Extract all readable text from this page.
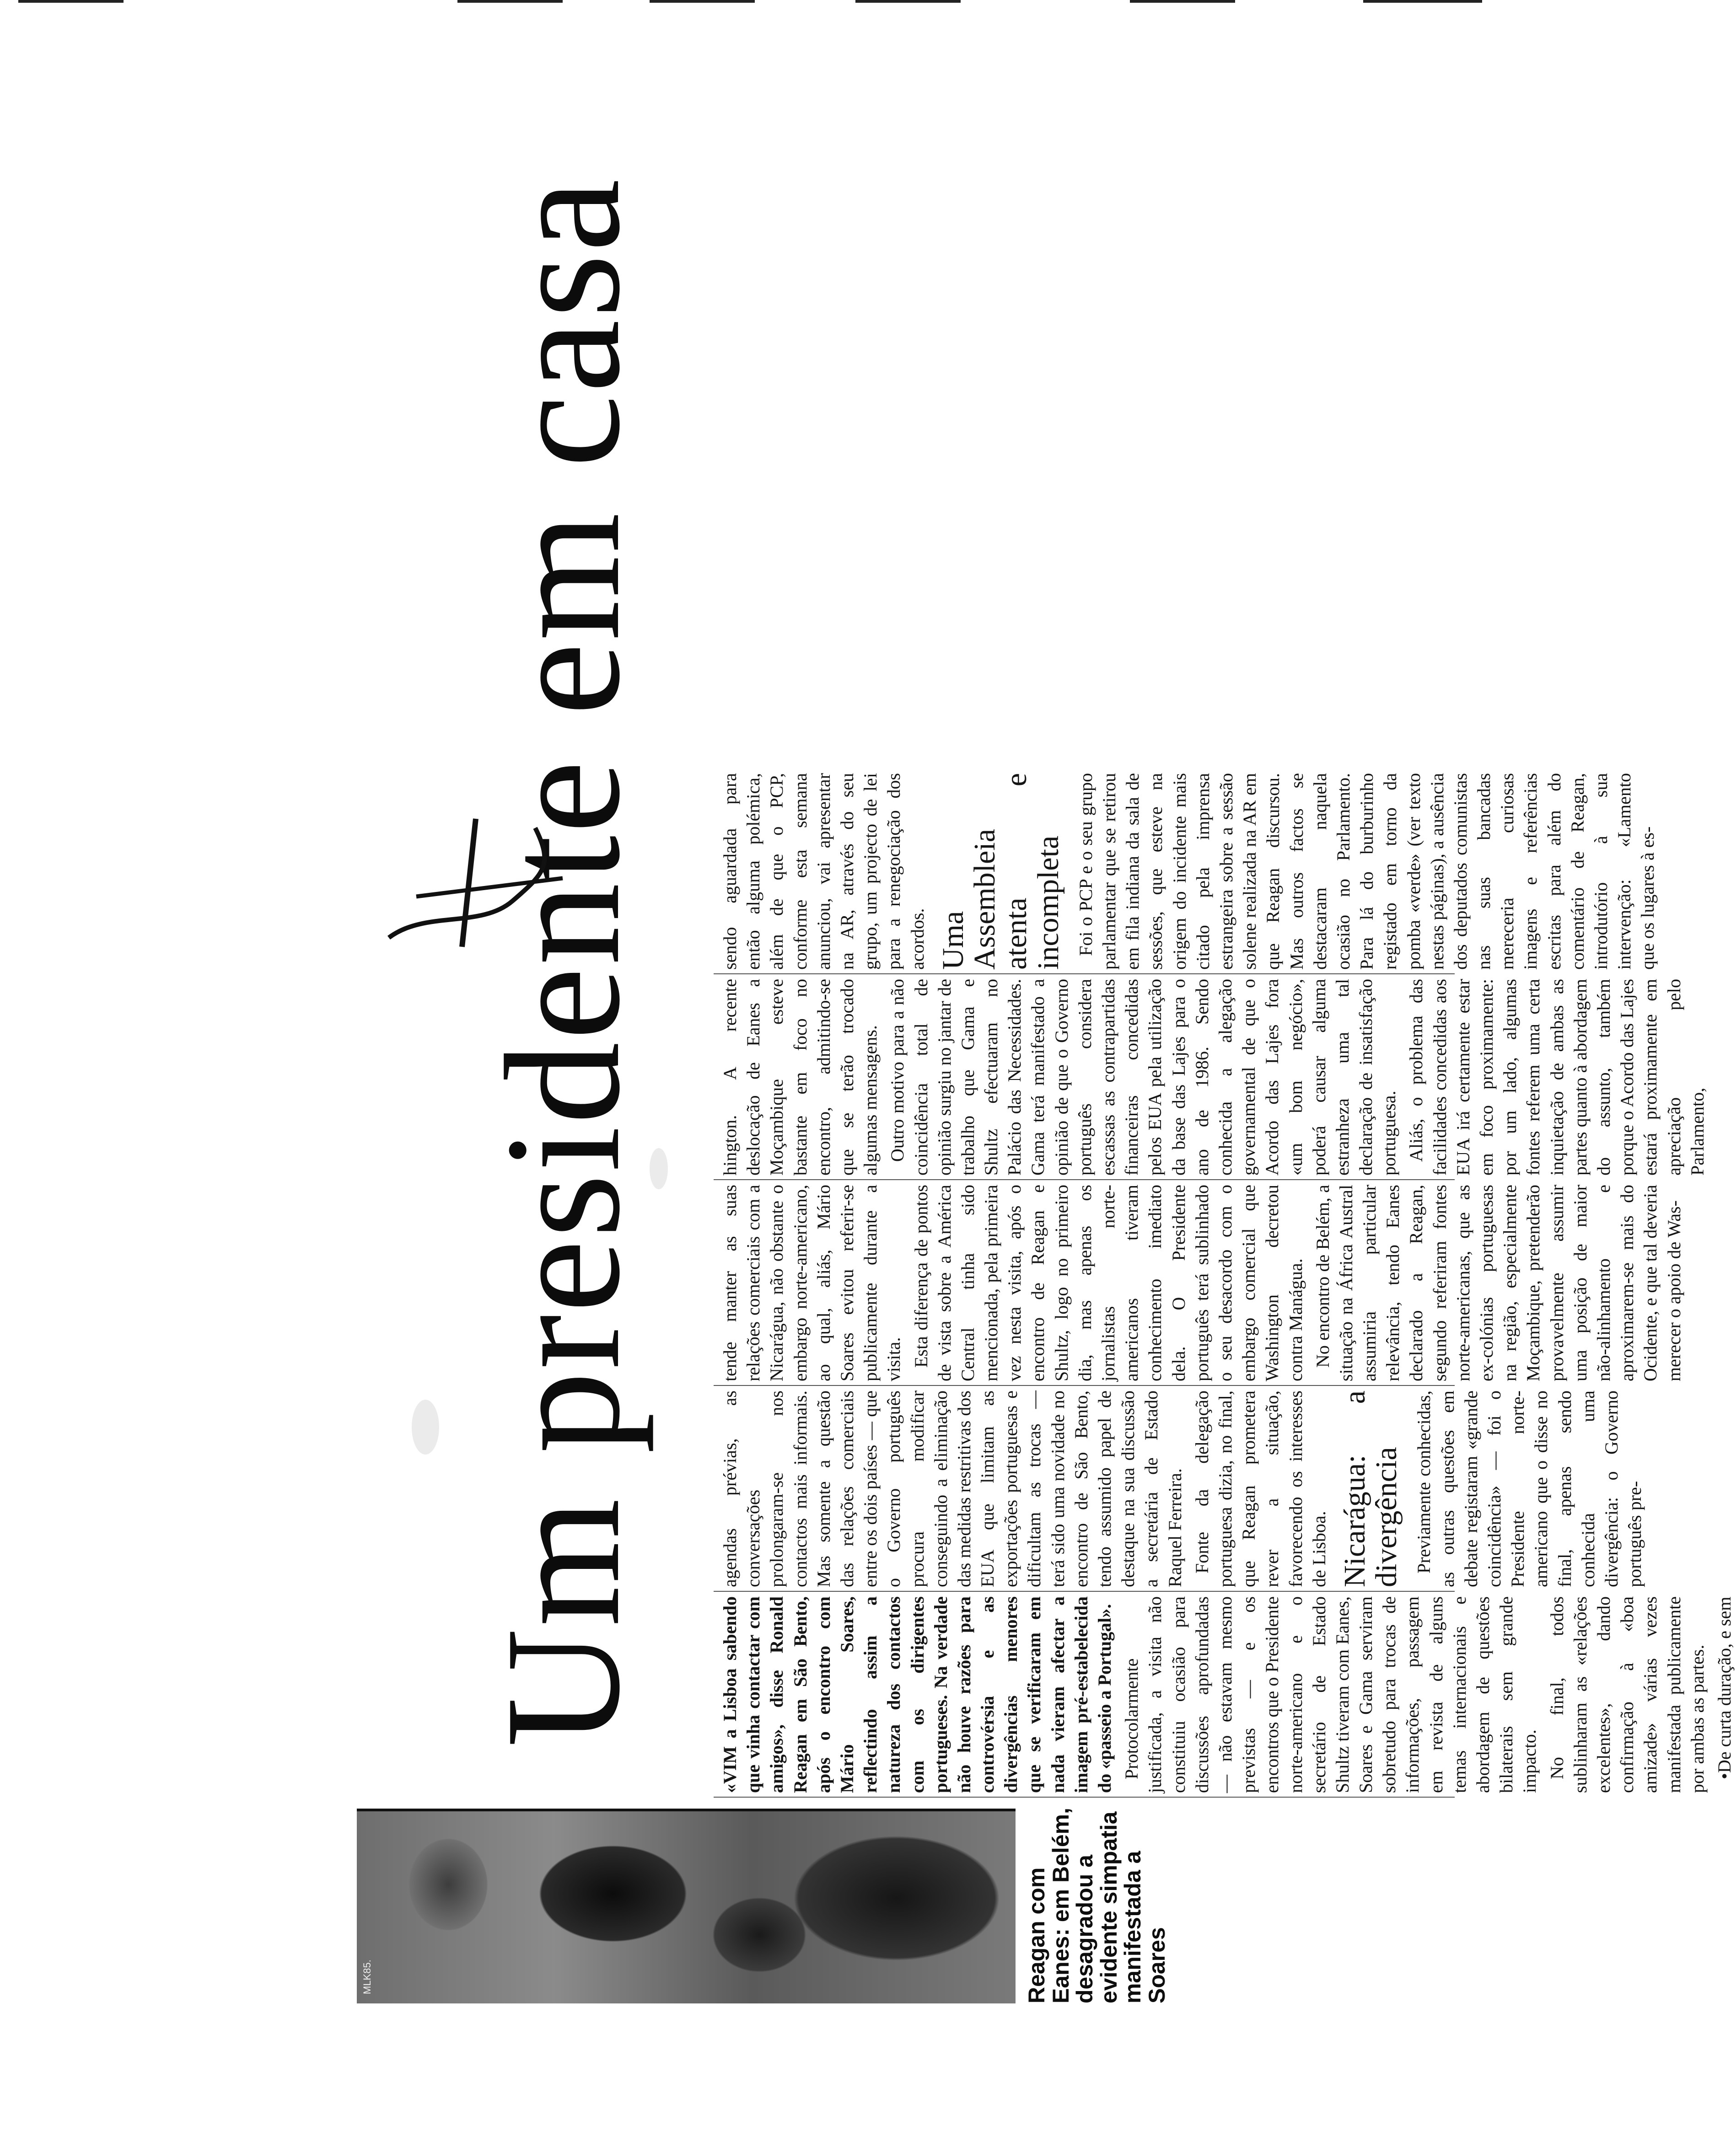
MLK85.	Reagan com Eanes: em Belém, desagradou a evidente simpatia manifestada a Soares
Um presidente em casa	«VIM a Lisboa sabendo que vinha contactar com amigos», disse Ronald Reagan em São Bento, após o encontro com Mário Soares, reflectindo assim a natureza dos contactos com os dirigentes portugueses. Na verdade não houve razões para controvérsia e as divergências menores que se verificaram em nada vieram afectar a imagem pré-estabelecida do «passeio a Portugal». Protocolarmente justificada, a visita não constituiu ocasião para discussões aprofundadas — não estavam mesmo previstas — e os encontros que o Presidente norte-americano e o secretário de Estado Shultz tiveram com Eanes, Soares e Gama serviram sobretudo para trocas de informações, passagem em revista de alguns temas internacionais e abordagem de questões bilaterais sem grande impacto. No final, todos sublinharam as «relações excelentes», dando confirmação à «boa amizade» várias vezes manifestada publicamente por ambas as partes. •De curta duração, e sem

agendas prévias, as conversações prolongaram-se nos contactos mais informais. Mas somente a questão das relações comerciais entre os dois países — que o Governo português procura modificar conseguindo a eliminação das medidas restritivas dos EUA que limitam as exportações portuguesas e dificultam as trocas — terá sido uma novidade no encontro de São Bento, tendo assumido papel de destaque na sua discussão a secretária de Estado Raquel Ferreira. Fonte da delegação portuguesa dizia, no final, que Reagan prometera rever a situação, favorecendo os interesses de Lisboa. Nicarágua: a divergência Previamente conhecidas, as outras questões em debate registaram «grande coincidência» — foi o Presidente norte-americano que o disse no final, apenas sendo conhecida uma divergência: o Governo português pre-

tende manter as suas relações comerciais com a Nicarágua, não obstante o embargo norte-americano, ao qual, aliás, Mário Soares evitou referir-se publicamente durante a visita. Esta diferença de pontos de vista sobre a América Central tinha sido mencionada, pela primeira vez nesta visita, após o encontro de Reagan e Shultz, logo no primeiro dia, mas apenas os jornalistas norte-americanos tiveram conhecimento imediato dela. O Presidente português terá sublinhado o seu desacordo com o embargo comercial que Washington decretou contra Manágua. No encontro de Belém, a situação na África Austral assumiria particular relevância, tendo Eanes declarado a Reagan, segundo referiram fontes norte-americanas, que as ex-colónias portuguesas na região, especialmente Moçambique, pretenderão provavelmente assumir uma posição de maior não-alinhamento e aproximarem-se mais do Ocidente, e que tal deveria merecer o apoio de Was-

hington. A recente deslocação de Eanes a Moçambique esteve bastante em foco no encontro, admitindo-se que se terão trocado algumas mensagens. Outro motivo para a não coincidência total de opinião surgiu no jantar de trabalho que Gama e Shultz efectuaram no Palácio das Necessidades. Gama terá manifestado a opinião de que o Governo português considera escassas as contrapartidas financeiras concedidas pelos EUA pela utilização da base das Lajes para o ano de 1986. Sendo conhecida a alegação governamental de que o Acordo das Lajes fora «um bom negócio», poderá causar alguma estranheza uma tal declaração de insatisfação portuguesa. Aliás, o problema das facilidades concedidas aos EUA irá certamente estar em foco proximamente: por um lado, algumas fontes referem uma certa inquietação de ambas as partes quanto à abordagem do assunto, também porque o Acordo das Lajes estará proximamente em apreciação pelo Parlamento,

sendo aguardada para então alguma polémica, além de que o PCP, conforme esta semana anunciou, vai apresentar na AR, através do seu grupo, um projecto de lei para a renegociação dos acordos. Uma Assembleia atenta e incompleta Foi o PCP e o seu grupo parlamentar que se retirou em fila indiana da sala de sessões, que esteve na origem do incidente mais citado pela imprensa estrangeira sobre a sessão solene realizada na AR em que Reagan discursou. Mas outros factos se destacaram naquela ocasião no Parlamento. Para lá do burburinho registado em torno da pomba «verde» (ver texto nestas páginas), a ausência dos deputados comunistas nas suas bancadas mereceria curiosas imagens e referências escritas para além do comentário de Reagan, introdutório à sua intervenção: «Lamento que os lugares à es-
